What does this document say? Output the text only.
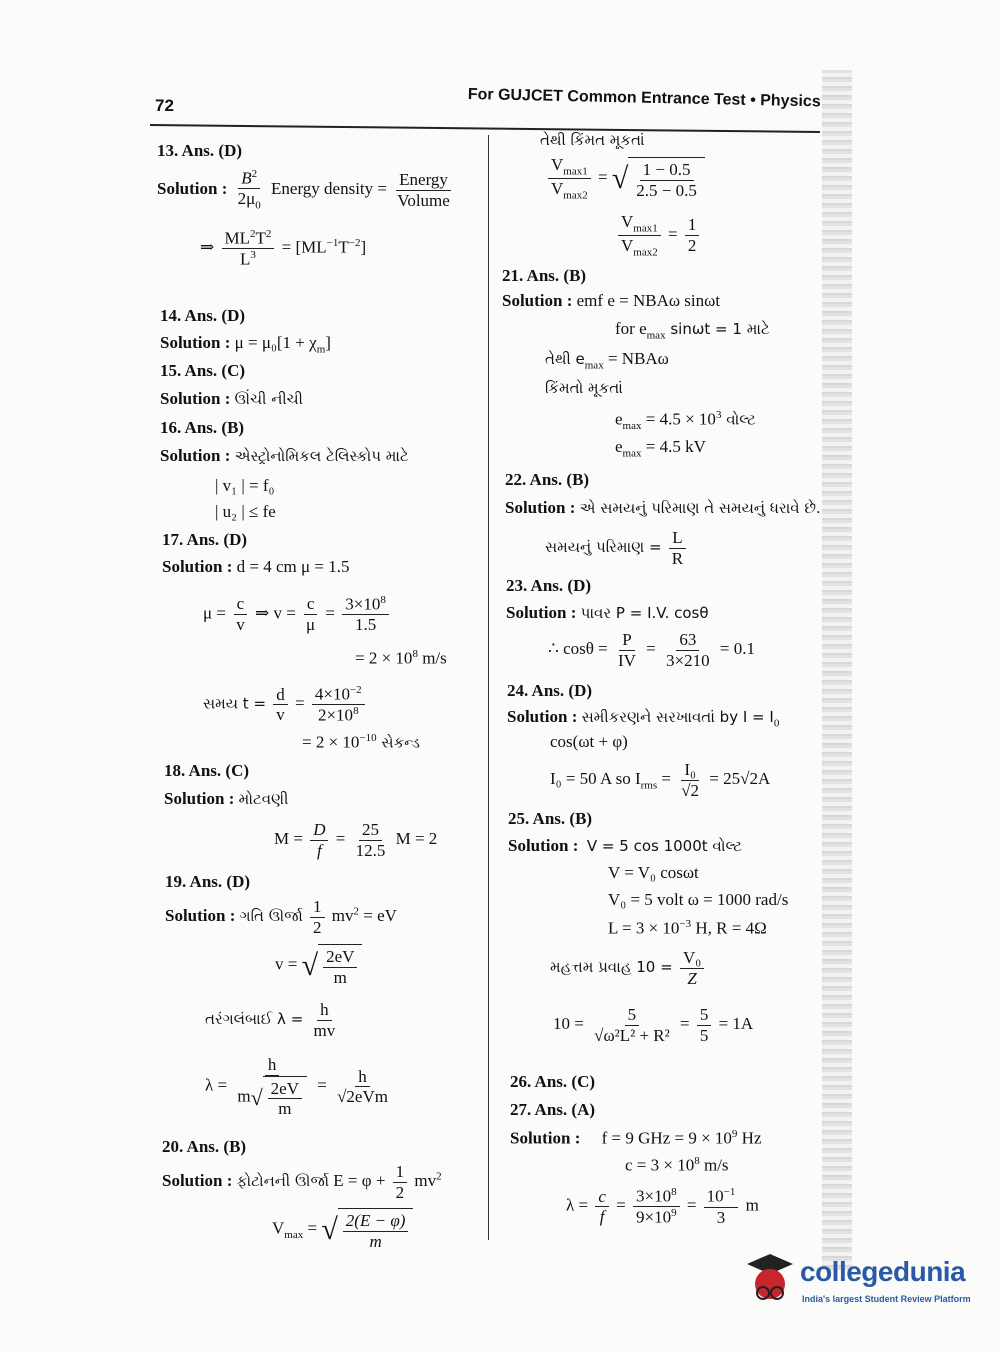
72	For GUJCET Common Entrance Test • Physics
13. Ans. (D)
Solution : $\frac{B^2}{2\mu_0}$ Energy density = $\frac{\text{Energy}}{\text{Volume}}$
⇒ $\frac{ML^2T^2}{L^3} = [ML^{-1}T^{-2}]$
14. Ans. (D)
Solution : $\mu = \mu_0[1 + \chi_m]$
15. Ans. (C)
Solution : ઊંચી નીચી
16. Ans. (B)
Solution : એસ્ટ્રોનોમિકલ ટેલિસ્કોપ માટે
| v₁ | = f₀
| u₂ | ≤ fe
17. Ans. (D)
Solution : d = 4 cm μ = 1.5
$\mu = \frac{c}{v}$ ⇒ $v = \frac{c}{\mu} = \frac{3\times 10^8}{1.5}$
= $2 \times 10^8$ m/s
સમય $t = \frac{d}{v} = \frac{4\times 10^{-2}}{2\times 10^8}$
= $2 \times 10^{-10}$ સેકન્ડ
18. Ans. (C)
Solution : મોટવણી
$M = \frac{D}{f} = \frac{25}{12.5}$ M = 2
19. Ans. (D)
Solution : ગતિ ઊર્જા $\frac{1}{2} mv^2$ = eV
v = √ $\frac{2eV}{m}$
તરંગલંબાઈ $\lambda = \frac{h}{mv}$
$\lambda = \frac{h}{m√ \frac{2eV}{m}} = \frac{h}{\text{√2eVm}}$
20. Ans. (B)
Solution : ફોટોનની ઊર્જા $E = \varphi + \frac{1}{2} mv^2$
$V_{max}$ = √ $\frac{2(E - \varphi)}{m}$
તેથી કિંમત મૂકતાં
$\frac{V_{max1}}{V_{max2}}$ = √ $\frac{1 - 0.5}{2.5 - 0.5}$
$\frac{V_{max1}}{V_{max2}} = \frac{1}{2}$
21. Ans. (B)
Solution : emf e = NBAω sinωt
for $e_{max}$ sinωt = 1 માટે
તેથી $e_{max} = NBA\omega$
કિંમતો મૂકતાં
$e_{max} = 4.5 \times 10^3$ વોલ્ટ
$e_{max} = 4.5$ kV
22. Ans. (B)
Solution : એ સમયનું પરિમાણ તે સમયનું ધરાવે છે.
સમયનું પરિમાણ = $\frac{L}{R}$
23. Ans. (D)
Solution : પાવર P = I.V. cosθ
∴ $\cos\theta = \frac{P}{IV} = \frac{63}{3\times 210} = 0.1$
24. Ans. (D)
Solution : સમીકરણને સરખાવતાં by $I = I_0$
cos(ωt + φ)
I₀ = 50 A so $I_{rms} = \frac{\text{I₀}}{√2} = 25√2A$
25. Ans. (B)
Solution : V = 5 cos 1000t વોલ્ટ
V = V₀ cosωt
V₀ = 5 volt ω = 1000 rad/s
$L = 3 \times 10^{-3}$ H, R = 4Ω
મહત્તમ પ્રવાહ $10 = \frac{\text{V₀}}{Z}$
$10 = \frac{5}{\text{√ω²L² + R²}} = \frac{5}{5} = 1A$
26. Ans. (C)
27. Ans. (A)
Solution : f = 9 GHz = $9 \times 10^9$ Hz
$c = 3 \times 10^8$ m/s
$\lambda = \frac{c}{f} = \frac{3\times 10^8}{9\times 10^9} = \frac{10^{-1}}{3}$ m
collegedunia
India's largest Student Review Platform
